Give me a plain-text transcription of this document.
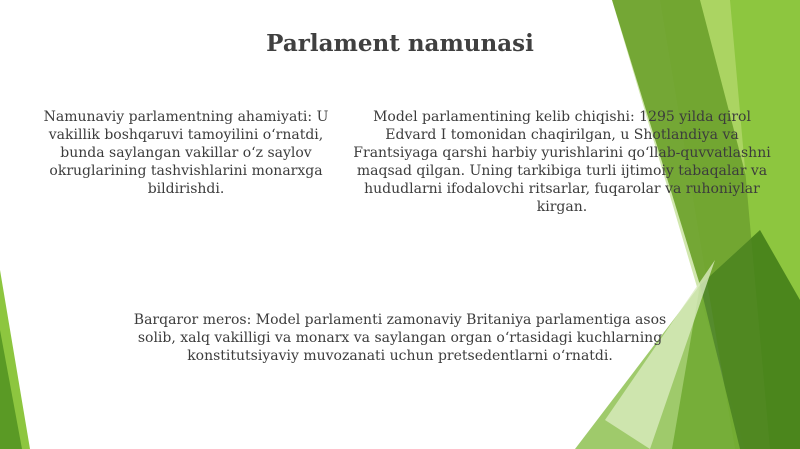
Parlament namunasi

Namunaviy parlamentning ahamiyati: U vakillik boshqaruvi tamoyilini oʻrnatdi, bunda saylangan vakillar oʻz saylov okruglarining tashvishlarini monarxga bildirishdi.

Model parlamentining kelib chiqishi: 1295 yilda qirol Edvard I tomonidan chaqirilgan, u Shotlandiya va Frantsiyaga qarshi harbiy yurishlarini qoʻllab-quvvatlashni maqsad qilgan. Uning tarkibiga turli ijtimoiy tabaqalar va hududlarni ifodalovchi ritsarlar, fuqarolar va ruhoniylar kirgan.

Barqaror meros: Model parlamenti zamonaviy Britaniya parlamentiga asos solib, xalq vakilligi va monarx va saylangan organ oʻrtasidagi kuchlarning konstitutsiyaviy muvozanati uchun pretsedentlarni oʻrnatdi.
